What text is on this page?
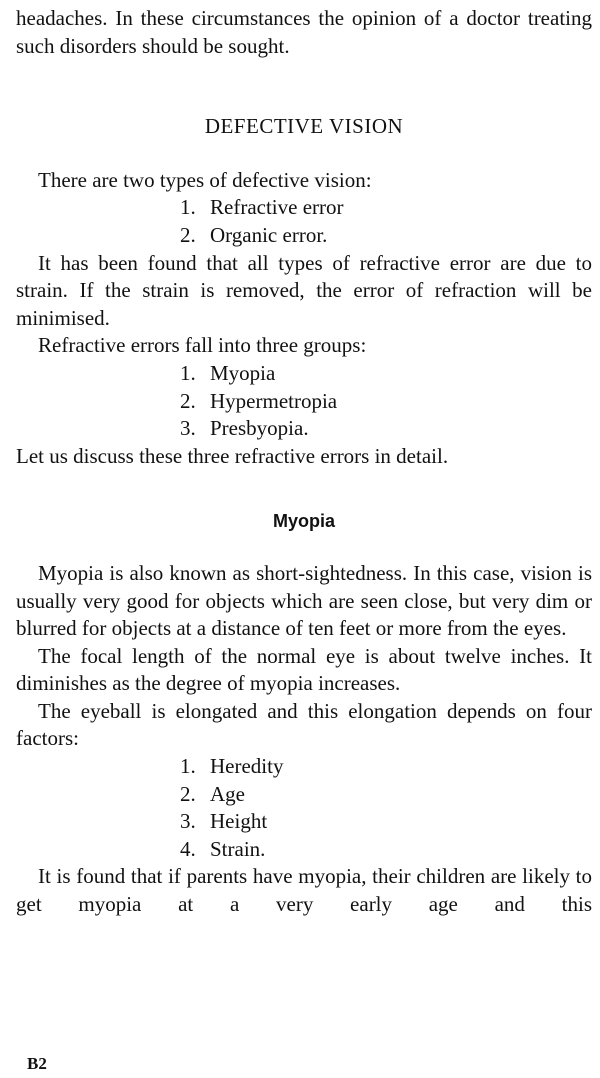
headaches. In these circumstances the opinion of a doctor treating such disorders should be sought.

DEFECTIVE VISION

There are two types of defective vision:

1. Refractive error
2. Organic error.

It has been found that all types of refractive error are due to strain. If the strain is removed, the error of refraction will be minimised.

Refractive errors fall into three groups:

1. Myopia
2. Hypermetropia
3. Presbyopia.

Let us discuss these three refractive errors in detail.

Myopia

Myopia is also known as short-sightedness. In this case, vision is usually very good for objects which are seen close, but very dim or blurred for objects at a distance of ten feet or more from the eyes.

The focal length of the normal eye is about twelve inches. It diminishes as the degree of myopia increases.

The eyeball is elongated and this elongation depends on four factors:

1. Heredity
2. Age
3. Height
4. Strain.

It is found that if parents have myopia, their children are likely to get myopia at a very early age and this

B2
